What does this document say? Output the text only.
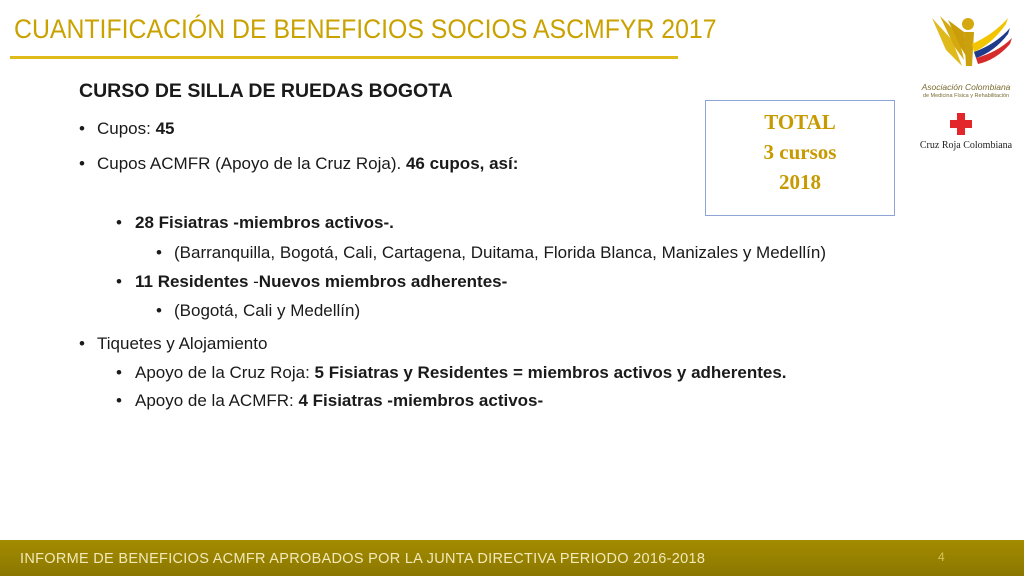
CUANTIFICACIÓN DE BENEFICIOS SOCIOS ASCMFYR 2017
Asociación Colombiana
de Medicina Física y Rehabilitación
Cruz Roja Colombiana
TOTAL
3 cursos
2018
CURSO DE SILLA DE RUEDAS BOGOTA
• Cupos: 45
• Cupos ACMFR (Apoyo de la Cruz Roja). 46 cupos, así:
• 28 Fisiatras -miembros activos-.
• (Barranquilla, Bogotá, Cali, Cartagena, Duitama, Florida Blanca, Manizales y Medellín)
• 11 Residentes -Nuevos miembros adherentes-
• (Bogotá, Cali y Medellín)
• Tiquetes y Alojamiento
• Apoyo de la Cruz Roja: 5 Fisiatras y Residentes = miembros activos y adherentes.
• Apoyo de la ACMFR: 4 Fisiatras -miembros activos-
INFORME DE BENEFICIOS ACMFR APROBADOS POR LA JUNTA DIRECTIVA PERIODO 2016-2018	4
